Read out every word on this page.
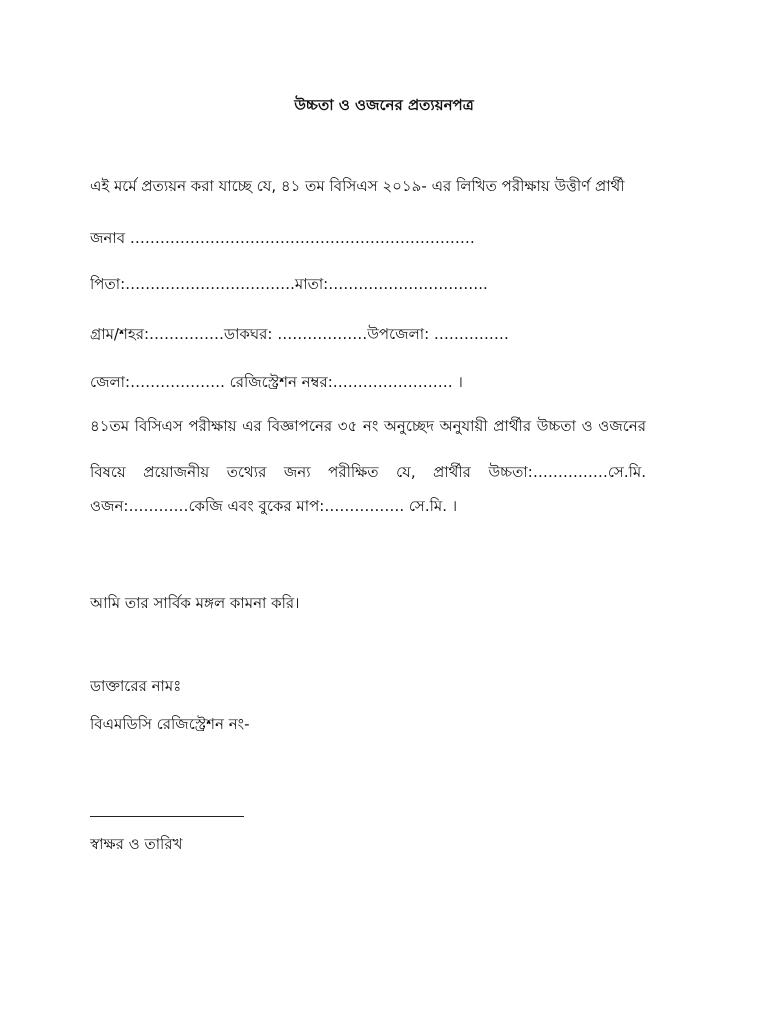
উচ্চতা ও ওজনের প্রত্যয়নপত্র
এই মর্মে প্রত্যয়ন করা যাচ্ছে যে, ৪১ তম বিসিএস ২০১৯- এর লিখিত পরীক্ষায় উত্তীর্ণ প্রার্থী
জনাব ……………………………………………………………
পিতা:…………………………….মাতা:…………………………..
গ্রাম/শহর:……………ডাকঘর: ………………উপজেলা: ……………
জেলা:………………. রেজিস্ট্রেশন নম্বর:…………………… ।
৪১তম বিসিএস পরীক্ষায় এর বিজ্ঞাপনের ৩৫ নং অনুচ্ছেদ অনুযায়ী প্রার্থীর উচ্চতা ও ওজনের
বিষয়ে প্রয়োজনীয় তথ্যের জন্য পরীক্ষিত যে, প্রার্থীর উচ্চতা:……………সে.মি.
ওজন:…………কেজি এবং বুকের মাপ:……………. সে.মি. ।
আমি তার সার্বিক মঙ্গল কামনা করি।
ডাক্তারের নামঃ
বিএমডিসি রেজিস্ট্রেশন নং-
স্বাক্ষর ও তারিখ
